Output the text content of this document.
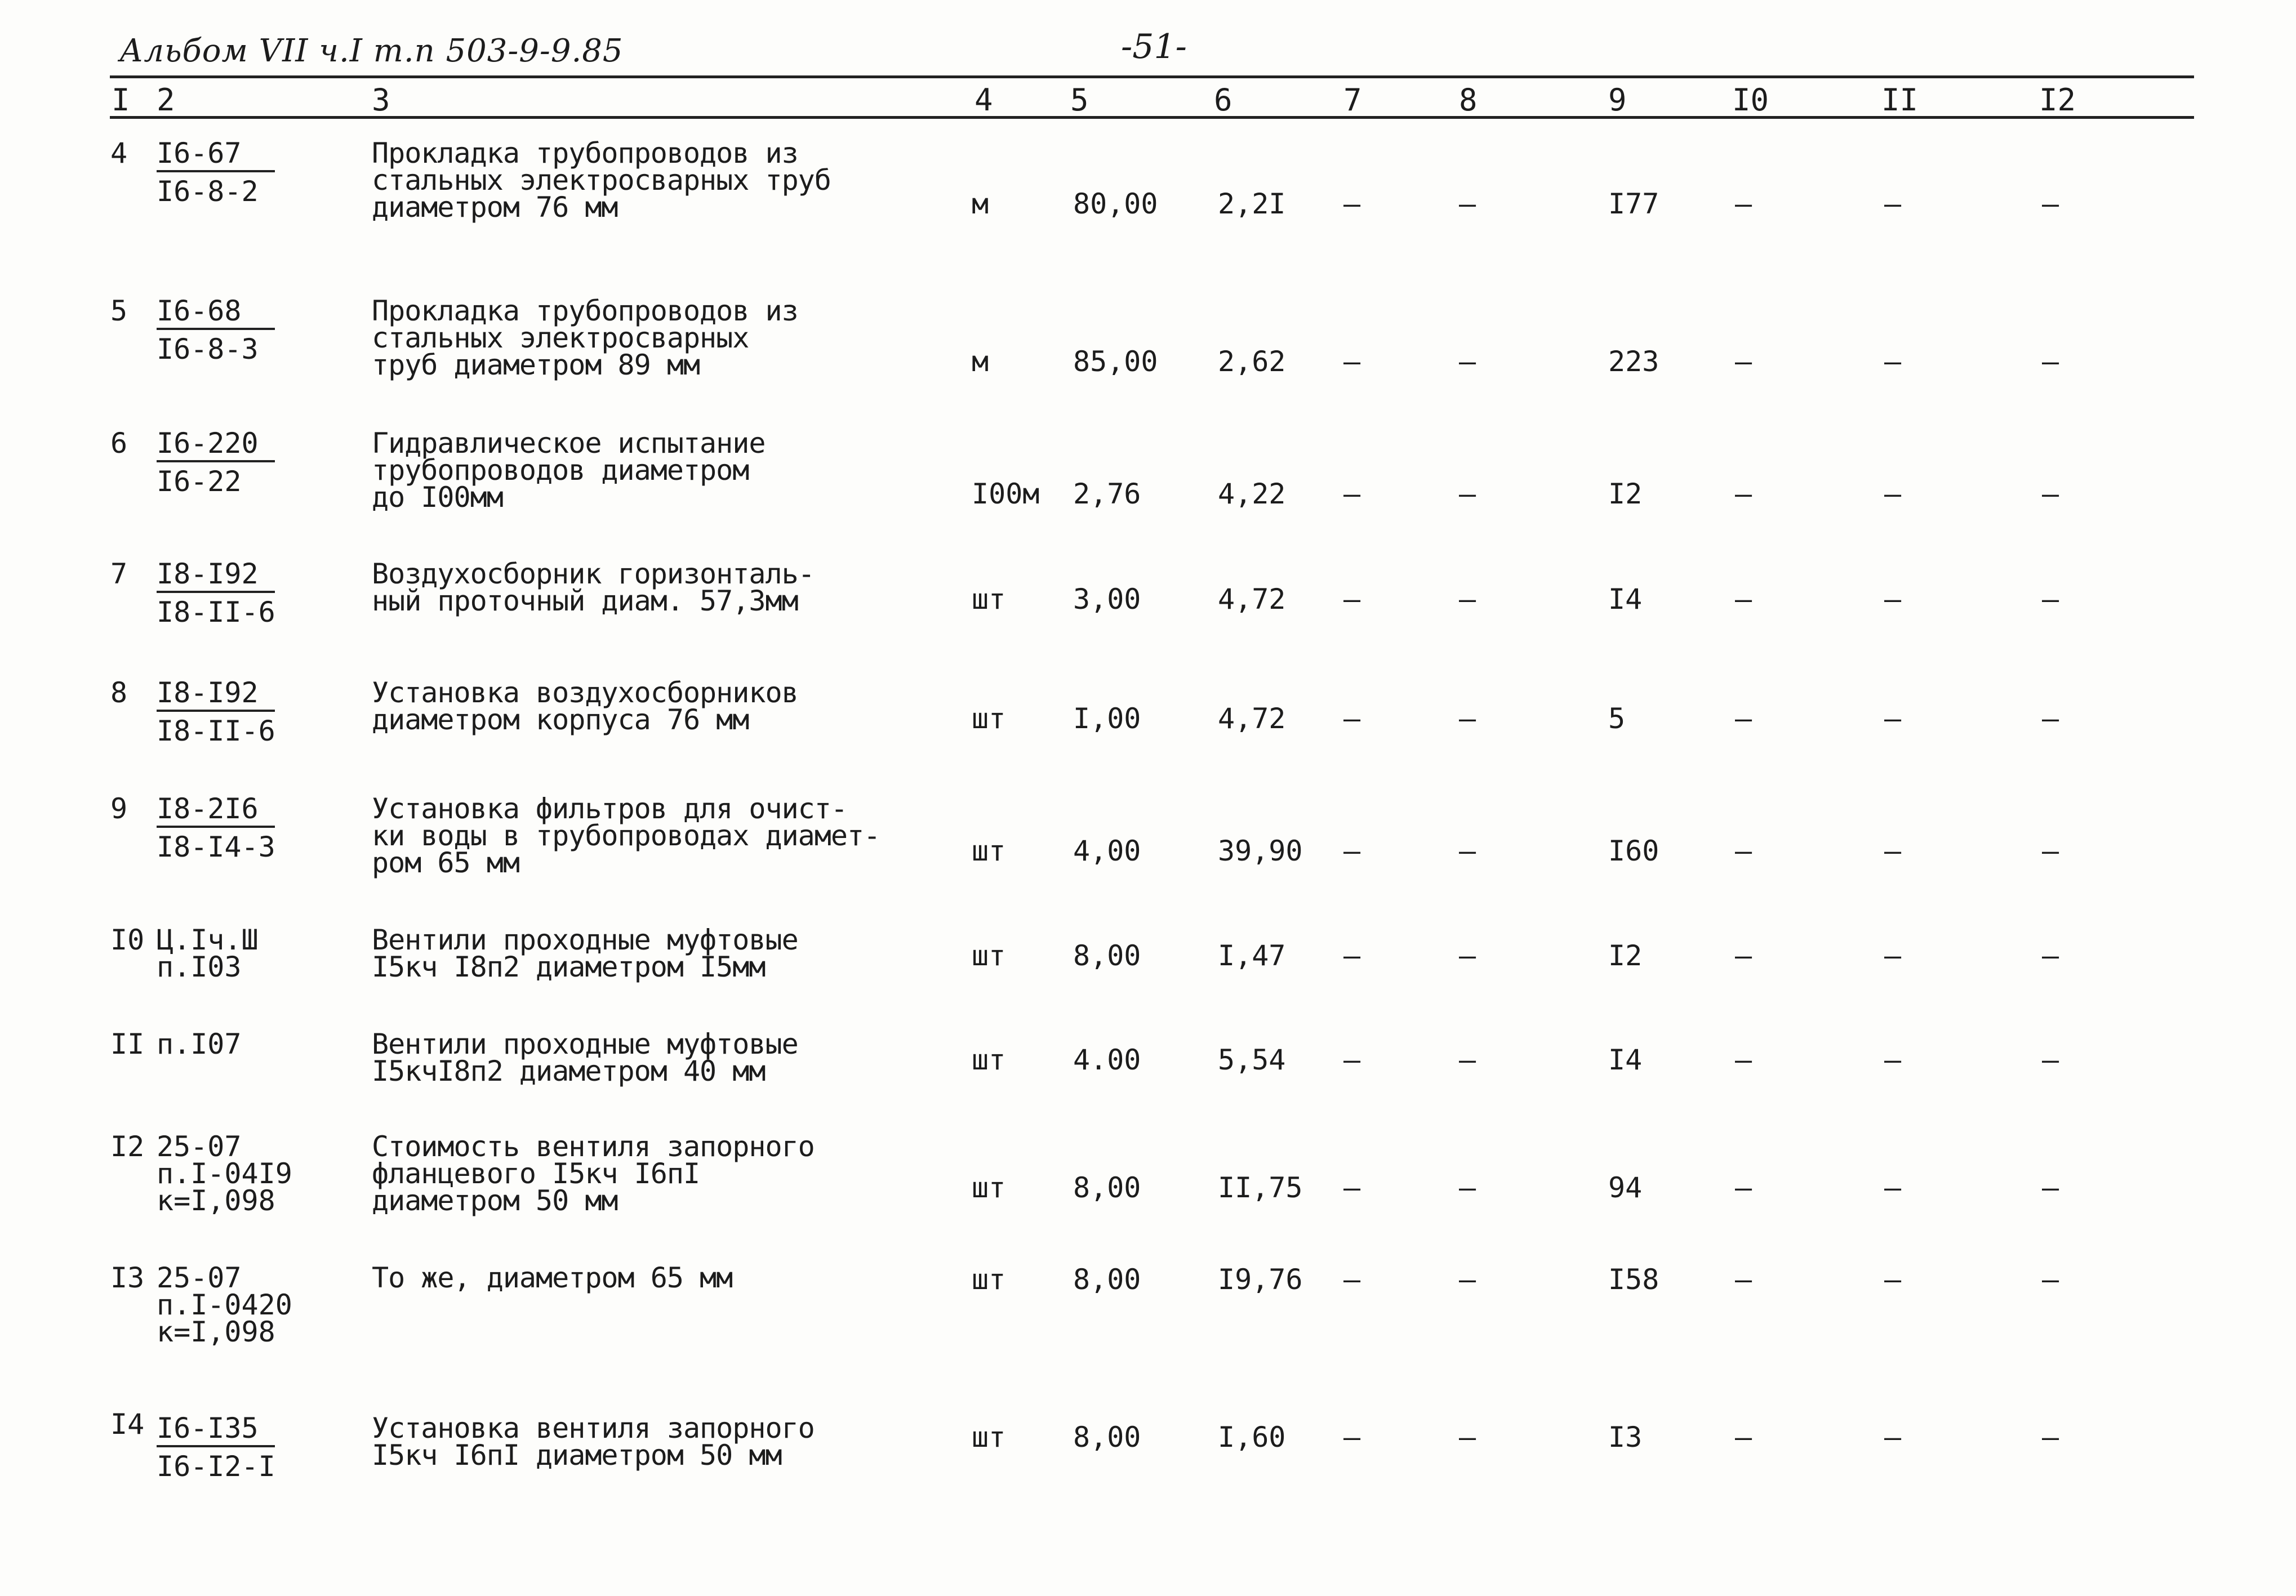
Альбом VII ч.I т.п 503-9-9.85	-51-
I 2	3	4	5	6	7	8	9	I0	II	I2
4 I6-67
I6-8-2
Прокладка трубопроводов из
стальных электросварных труб
диаметром 76 мм	м	80,00 2,2I –	–	I77	–	–	–
5 I6-68
I6-8-3
Прокладка трубопроводов из
стальных электросварных
труб диаметром 89 мм	м	85,00 2,62 –	–	223	–	–	–
6 I6-220
I6-22
Гидравлическое испытание
трубопроводов диаметром
до I00мм	I00м 2,76	4,22 –	–	I2	–	–	–
7 I8-I92
I8-II-6
Воздухосборник горизонталь-
ный проточный диам. 57,3мм	шт 3,00	4,72 –	–	I4	–	–	–
8 I8-I92
I8-II-6
Установка воздухосборников
диаметром корпуса 76 мм	шт I,00	4,72 –	–	5	–	–	–
9 I8-2I6
I8-I4-3
Установка фильтров для очист-
ки воды в трубопроводах диамет-
ром 65 мм	шт 4,00	39,90 –	–	I60	–	–	–
I0 Ц.Iч.Ш
п.I03
Вентили проходные муфтовые
I5кч I8п2 диаметром I5мм	шт 8,00	I,47 –	–	I2	–	–	–
II п.I07	Вентили проходные муфтовые
I5кчI8п2 диаметром 40 мм	шт 4.00	5,54 –	–	I4	–	–	–
I2 25-07
п.I-04I9
к=I,098
Стоимость вентиля запорного
фланцевого I5кч I6пI
диаметром 50 мм	шт 8,00	II,75 –	–	94	–	–	–
I3 25-07
п.I-0420
к=I,098
То же, диаметром 65 мм	шт 8,00	I9,76 –	–	I58	–	–	–
I4 I6-I35
I6-I2-I
Установка вентиля запорного
I5кч I6пI диаметром 50 мм
шт 8,00	I,60 –	–	I3	–	–	–
